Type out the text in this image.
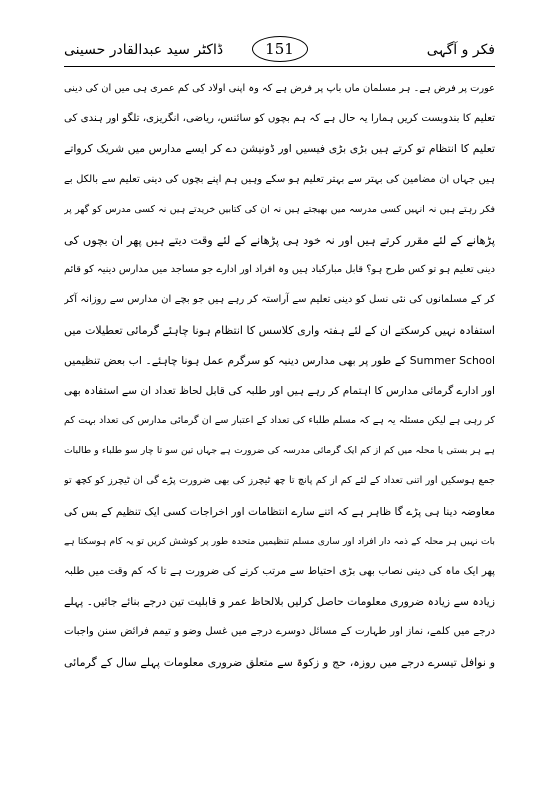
ڈاکٹر سید عبدالقادر حسینی	151	فکر و آگہی
عورت پر فرض ہے۔ ہر مسلمان ماں باپ پر فرض ہے کہ وہ اپنی اولاد کی کم عمری ہی میں ان کی دینی
تعلیم کا بندوبست کریں ہمارا یہ حال ہے کہ ہم بچوں کو سائنس، ریاضی، انگریزی، تلگو اور ہندی کی
تعلیم کا انتظام تو کرتے ہیں بڑی بڑی فیسیں اور ڈونیشن دے کر ایسے مدارس میں شریک کرواتے
ہیں جہاں ان مضامین کی بہتر سے بہتر تعلیم ہو سکے وہیں ہم اپنے بچوں کی دینی تعلیم سے بالکل بے
فکر رہتے ہیں نہ انہیں کسی مدرسہ میں بھیجتے ہیں نہ ان کی کتابیں خریدتے ہیں نہ کسی مدرس کو گھر پر
پڑھانے کے لئے مقرر کرتے ہیں اور نہ خود ہی پڑھانے کے لئے وقت دیتے ہیں پھر ان بچوں کی
دینی تعلیم ہو تو کس طرح ہو؟ قابل مبارکباد ہیں وہ افراد اور ادارے جو مساجد میں مدارس دینیہ کو قائم
کر کے مسلمانوں کی نئی نسل کو دینی تعلیم سے آراستہ کر رہے ہیں جو بچے ان مدارس سے روزانہ آکر
استفادہ نہیں کرسکتے ان کے لئے ہفتہ واری کلاسس کا انتظام ہونا چاہئے گرمائی تعطیلات میں
Summer School کے طور پر بھی مدارس دینیہ کو سرگرم عمل ہونا چاہئے۔ اب بعض تنظیمیں
اور ادارے گرمائی مدارس کا اہتمام کر رہے ہیں اور طلبہ کی قابل لحاظ تعداد ان سے استفادہ بھی
کر رہی ہے لیکن مسئلہ یہ ہے کہ مسلم طلباء کی تعداد کے اعتبار سے ان گرمائی مدارس کی تعداد بہت کم
ہے ہر بستی یا محلہ میں کم از کم ایک گرمائی مدرسہ کی ضرورت ہے جہاں تین سو تا چار سو طلباء و طالبات
جمع ہوسکیں اور اتنی تعداد کے لئے کم از کم پانچ تا چھ ٹیچرز کی بھی ضرورت پڑے گی ان ٹیچرز کو کچھ تو
معاوضہ دینا ہی پڑے گا ظاہر ہے کہ اتنے سارے انتظامات اور اخراجات کسی ایک تنظیم کے بس کی
بات نہیں ہر محلہ کے ذمہ دار افراد اور ساری مسلم تنظیمیں متحدہ طور پر کوشش کریں تو یہ کام ہوسکتا ہے
پھر ایک ماہ کی دینی نصاب بھی بڑی احتیاط سے مرتب کرنے کی ضرورت ہے تا کہ کم وقت میں طلبہ
زیادہ سے زیادہ ضروری معلومات حاصل کرلیں بلالحاظ عمر و قابلیت تین درجے بنائے جائیں۔ پہلے
درجے میں کلمے، نماز اور طہارت کے مسائل دوسرے درجے میں غسل وضو و تیمم فرائض سنن واجبات
و نوافل تیسرے درجے میں روزہ، حج و زکوۃ سے متعلق ضروری معلومات پہلے سال کے گرمائی
